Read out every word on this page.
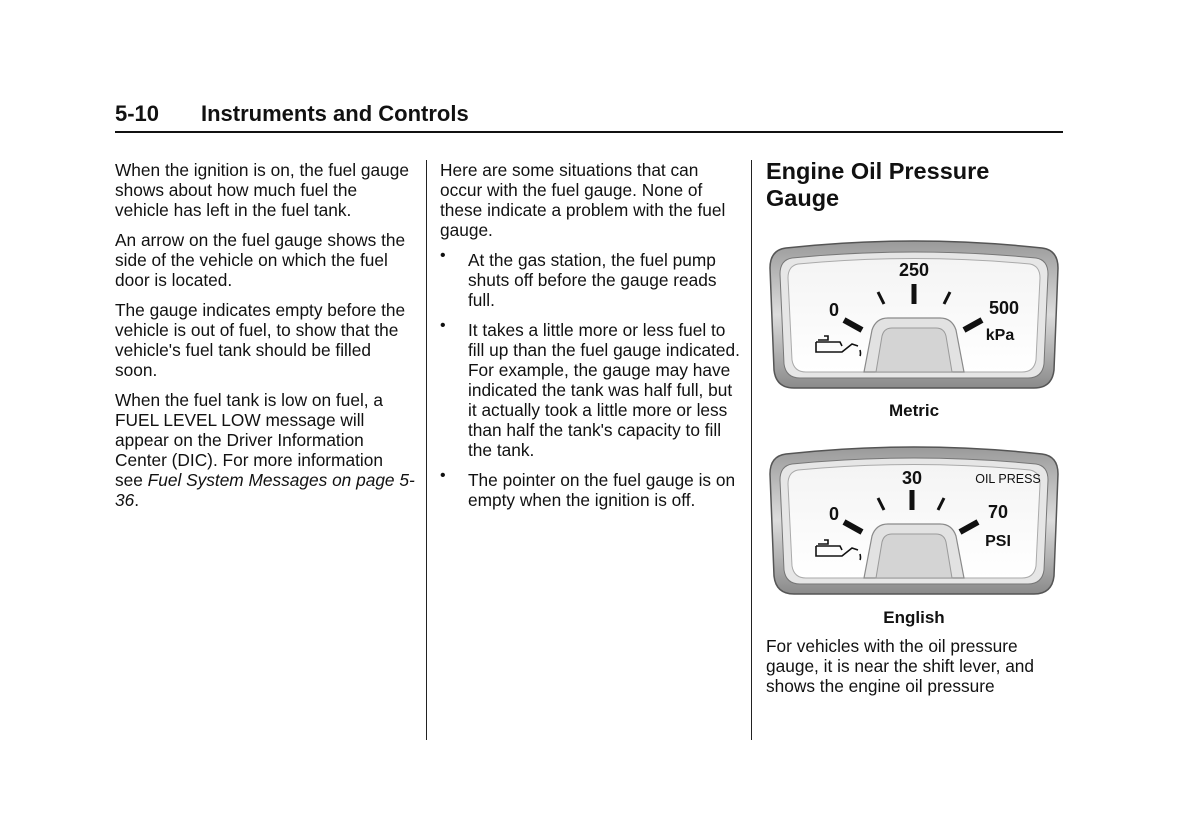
5-10 Instruments and Controls

When the ignition is on, the fuel gauge shows about how much fuel the vehicle has left in the fuel tank.

An arrow on the fuel gauge shows the side of the vehicle on which the fuel door is located.

The gauge indicates empty before the vehicle is out of fuel, to show that the vehicle's fuel tank should be filled soon.

When the fuel tank is low on fuel, a FUEL LEVEL LOW message will appear on the Driver Information Center (DIC). For more information see Fuel System Messages on page 5-36.

Here are some situations that can occur with the fuel gauge. None of these indicate a problem with the fuel gauge.

• At the gas station, the fuel pump shuts off before the gauge reads full.
• It takes a little more or less fuel to fill up than the fuel gauge indicated. For example, the gauge may have indicated the tank was half full, but it actually took a little more or less than half the tank's capacity to fill the tank.
• The pointer on the fuel gauge is on empty when the ignition is off.
Engine Oil Pressure Gauge
250
0	500
kPa
Metric
30
0	70
PSI
OIL PRESS
English

For vehicles with the oil pressure gauge, it is near the shift lever, and shows the engine oil pressure
